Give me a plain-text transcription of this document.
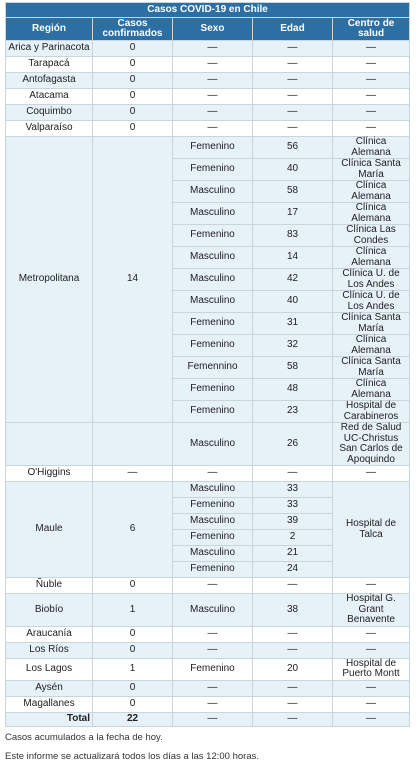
Casos COVID-19 en Chile				
Región	Casos confirmados	Sexo	Edad	Centro de salud
Arica y Parinacota	0	—	—	—
Tarapacá	0	—	—	—
Antofagasta	0	—	—	—
Atacama	0	—	—	—
Coquimbo	0	—	—	—
Valparaíso	0	—	—	—
Metropolitana	14	Femenino	56	Clínica Alemana
		Femenino	40	Clínica Santa María
		Masculino	58	Clínica Alemana
		Masculino	17	Clínica Alemana
		Femenino	83	Clínica Las Condes
		Masculino	14	Clínica Alemana
		Masculino	42	Clínica U. de Los Andes
		Masculino	40	Clínica U. de Los Andes
		Femenino	31	Clínica Santa María
		Femenino	32	Clínica Alemana
		Femennino	58	Clínica Santa María
		Femenino	48	Clínica Alemana
		Femenino	23	Hospital de Carabineros
		Masculino	26	Red de Salud UC-Christus San Carlos de Apoquindo
O'Higgins	—	—	—	—
Maule	6	Masculino	33	Hospital de Talca
		Femenino	33	
		Masculino	39	
		Femenino	2	
		Masculino	21	
		Femenino	24	
Ñuble	0	—	—	—
Biobío	1	Masculino	38	Hospital G. Grant Benavente
Araucanía	0	—	—	—
Los Ríos	0	—	—	—
Los Lagos	1	Femenino	20	Hospital de Puerto Montt
Aysén	0	—	—	—
Magallanes	0	—	—	—
Total	22	—	—	—
Casos acumulados a la fecha de hoy.
Este informe se actualizará todos los días a las 12:00 horas.
